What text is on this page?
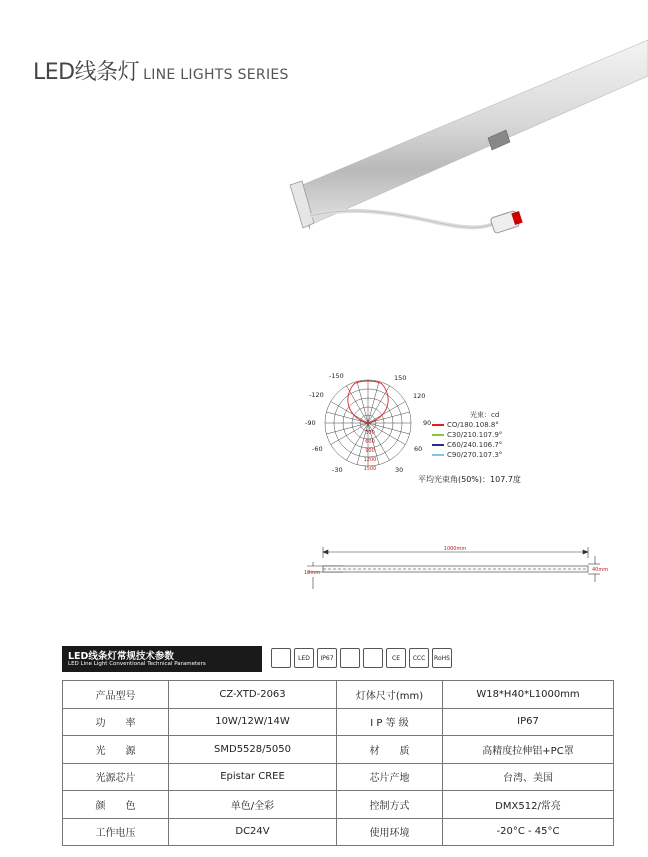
LED线条灯 LINE LIGHTS SERIES
-150	150
-120	120
-90	90
-60	60
-30	30
300
600
900
1200
1500
光束：cd
CO/180.108.8°
C30/210.107.9°
C60/240.106.7°
C90/270.107.3°
平均光束角(50%)：107.7度
1000mm
18mm	40mm
LED线条灯常规技术参数
LED Line Light Conventional Technical Parameters
LED	IP67	CE	CCC	RoHS
产品型号	CZ-XTD-2063	灯体尺寸(mm)	W18*H40*L1000mm
功　　率	10W/12W/14W	I P 等 级	IP67
光　　源	SMD5528/5050	材　　质	高精度拉伸铝+PC罩
光源芯片	Epistar CREE	芯片产地	台湾、美国
颜　　色	单色/全彩	控制方式	DMX512/常亮
工作电压	DC24V	使用环境	-20°C - 45°C
